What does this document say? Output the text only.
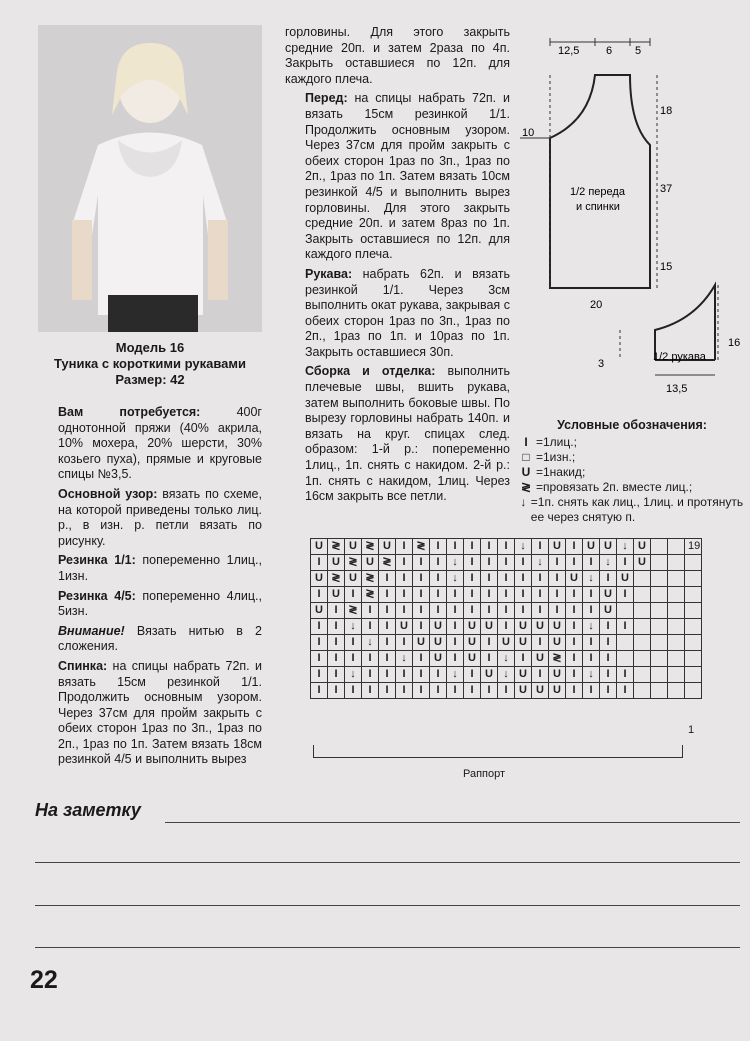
Модель 16
Туника с короткими рукавами
Размер: 42

Вам потребуется:	400г однотонной пряжи (40% акрила, 10% мохера, 20% шерсти, 30% козьего пуха), прямые и круговые спицы №3,5.

Основной узор: вязать по схеме, на которой приведены только лиц. р., в изн. р. петли вязать по рисунку.

Резинка 1/1: попеременно 1лиц., 1изн.

Резинка 4/5: попеременно 4лиц., 5изн.

Внимание! Вязать нитью в 2 сложения.

Спинка: на спицы набрать 72п. и вязать 15см резинкой 1/1. Продолжить основным узором. Через 37см для пройм закрыть с обеих сторон 1раз по 3п., 1раз по 2п., 1раз по 1п. Затем вязать 18см резинкой 4/5 и выполнить вырез

горловины. Для этого закрыть средние 20п. и затем 2раза по 4п. Закрыть оставшиеся по 12п. для каждого плеча.

Перед: на спицы набрать 72п. и вязать 15см резинкой 1/1. Продолжить основным узором. Через 37см для пройм закрыть с обеих сторон 1раз по 3п., 1раз по 2п., 1раз по 1п. Затем вязать 10см резинкой 4/5 и выполнить вырез горловины. Для этого закрыть средние 20п. и затем 8раз по 1п. Закрыть оставшиеся по 12п. для каждого плеча.

Рукава: набрать 62п. и вязать резинкой 1/1. Через 3см выполнить окат рукава, закрывая с обеих сторон 1раз по 3п., 1раз по 2п., 1раз по 1п. и 10раз по 1п. Закрыть оставшиеся 30п.

Сборка и отделка: выполнить плечевые швы, вшить рукава, затем выполнить боковые швы. По вырезу горловины набрать 140п. и вязать на круг. спицах след. образом: 1-й р.: попеременно 1лиц., 1п. снять с накидом. 2-й р.: 1п. снять с накидом, 1лиц. Через 16см закрыть все петли.

12,5 6 5
10
18
37
15
20
1/2 переда
и спинки
1/2 рукава
16
3
13,5
Условные обозначения:
I =1лиц.;
□ =1изн.;
U =1накид;
≷ =провязать 2п. вместе лиц.;
↓ =1п. снять как лиц., 1лиц. и протянуть ее через снятую п.
U	≷	U	≷	U	I	≷	I	I	I	I	I	↓	I	U	I	U	U	↓	U			
I	U	≷	U	≷	I	I	I	↓	I	I	I	I	↓	I	I	I	↓	I	U			
U	≷	U	≷	I	I	I	I	↓	I	I	I	I	I	I	U	↓	I	U				
I	U	I	≷	I	I	I	I	I	I	I	I	I	I	I	I	I	U	I				
U	I	≷	I	I	I	I	I	I	I	I	I	I	I	I	I	I	U					
I	I	↓	I	I	U	I	U	I	U	U	I	U	U	U	I	↓	I	I				
I	I	I	↓	I	I	U	U	I	U	I	U	U	I	U	I	I	I					
I	I	I	I	I	↓	I	U	I	U	I	↓	I	U	≷	I	I	I					
I	I	↓	I	I	I	I	I	↓	I	U	↓	U	I	U	I	↓	I	I				
I	I	I	I	I	I	I	I	I	I	I	I	U	U	U	I	I	I	I				
19
1
Раппорт
На заметку
22
